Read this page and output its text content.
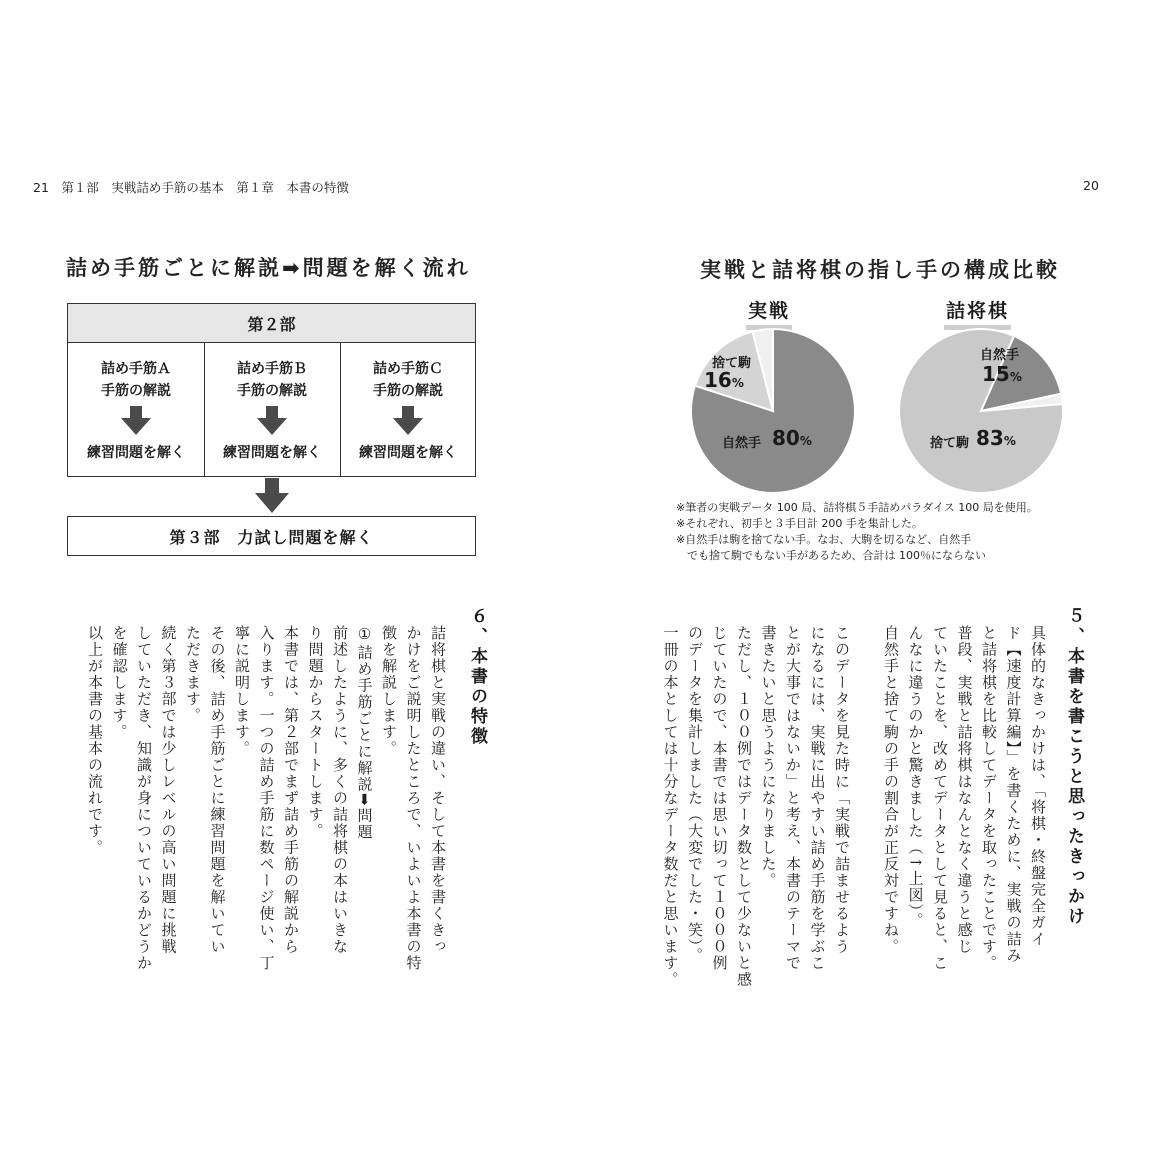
21　第１部　実戦詰め手筋の基本　第１章　本書の特徴	20
詰め手筋ごとに解説➡問題を解く流れ
第２部
詰め手筋Ａ
手筋の解説
練習問題を解く
詰め手筋Ｂ
手筋の解説
練習問題を解く
詰め手筋Ｃ
手筋の解説
練習問題を解く
第３部　力試し問題を解く
実戦と詰将棋の指し手の構成比較
実戦	詰将棋
捨て駒
16%
自然手 80%
自然手
15%
捨て駒 83%
※筆者の実戦データ 100 局、詰将棋５手詰めパラダイス 100 局を使用。
※それぞれ、初手と３手目計 200 手を集計した。
※自然手は駒を捨てない手。なお、大駒を切るなど、自然手
　でも捨て駒でもない手があるため、合計は 100％にならない
５、本書を書こうと思ったきっかけ
具体的なきっかけは、「将棋・終盤完全ガイ
ド【速度計算編】」を書くために、実戦の詰み
と詰将棋を比較してデータを取ったことです。
普段、実戦と詰将棋はなんとなく違うと感じ
ていたことを、改めてデータとして見ると、こ
んなに違うのかと驚きました（↑上図）。
自然手と捨て駒の手の割合が正反対ですね。

このデータを見た時に「実戦で詰ませるよう
になるには、実戦に出やすい詰め手筋を学ぶこ
とが大事ではないか」と考え、本書のテーマで
書きたいと思うようになりました。
ただし、１００例ではデータ数として少ないと感
じていたので、本書では思い切って１０００例
のデータを集計しました（大変でした・笑）。
一冊の本としては十分なデータ数だと思います。
６、本書の特徴
詰将棋と実戦の違い、そして本書を書くきっ
かけをご説明したところで、いよいよ本書の特
徴を解説します。
①詰め手筋ごとに解説➡問題
前述したように、多くの詰将棋の本はいきな
り問題からスタートします。
本書では、第２部でまず詰め手筋の解説から
入ります。一つの詰め手筋に数ページ使い、丁
寧に説明します。
その後、詰め手筋ごとに練習問題を解いてい
ただきます。
続く第３部では少しレベルの高い問題に挑戦
していただき、知識が身についているかどうか
を確認します。
以上が本書の基本の流れです。
